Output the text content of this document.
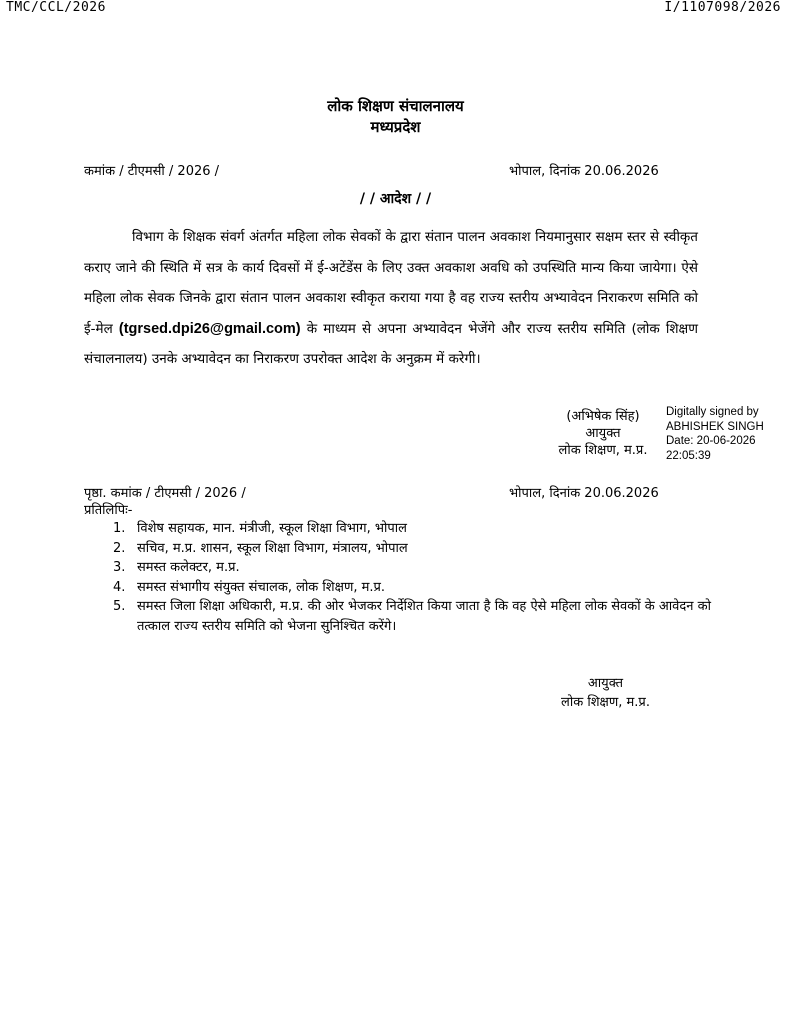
TMC/CCL/2026	I/1107098/2026
लोक शिक्षण संचालनालय
मध्यप्रदेश
कमांक / टीएमसी / 2026 /	भोपाल, दिनांक 20.06.2026
/ / आदेश / /

विभाग के शिक्षक संवर्ग अंतर्गत महिला लोक सेवकों के द्वारा संतान पालन अवकाश नियमानुसार सक्षम स्तर से स्वीकृत कराए जाने की स्थिति में सत्र के कार्य दिवसों में ई-अटेंडेंस के लिए उक्त अवकाश अवधि को उपस्थिति मान्य किया जायेगा। ऐसे महिला लोक सेवक जिनके द्वारा संतान पालन अवकाश स्वीकृत कराया गया है वह राज्य स्तरीय अभ्यावेदन निराकरण समिति को ई-मेल (tgrsed.dpi26@gmail.com) के माध्यम से अपना अभ्यावेदन भेजेंगे और राज्य स्तरीय समिति (लोक शिक्षण संचालनालय) उनके अभ्यावेदन का निराकरण उपरोक्त आदेश के अनुक्रम में करेगी।

(अभिषेक सिंह)
आयुक्त
लोक शिक्षण, म.प्र.
Digitally signed by
ABHISHEK SINGH
Date: 20-06-2026
22:05:39
पृष्ठा. कमांक / टीएमसी / 2026 /	भोपाल, दिनांक 20.06.2026
प्रतिलिपिः-
1. विशेष सहायक, मान. मंत्रीजी, स्कूल शिक्षा विभाग, भोपाल
2. सचिव, म.प्र. शासन, स्कूल शिक्षा विभाग, मंत्रालय, भोपाल
3. समस्त कलेक्टर, म.प्र.
4. समस्त संभागीय संयुक्त संचालक, लोक शिक्षण, म.प्र.
5. समस्त जिला शिक्षा अधिकारी, म.प्र. की ओर भेजकर निर्देशित किया जाता है कि वह ऐसे महिला लोक सेवकों के आवेदन को तत्काल राज्य स्तरीय समिति को भेजना सुनिश्चित करेंगे।
आयुक्त
लोक शिक्षण, म.प्र.
